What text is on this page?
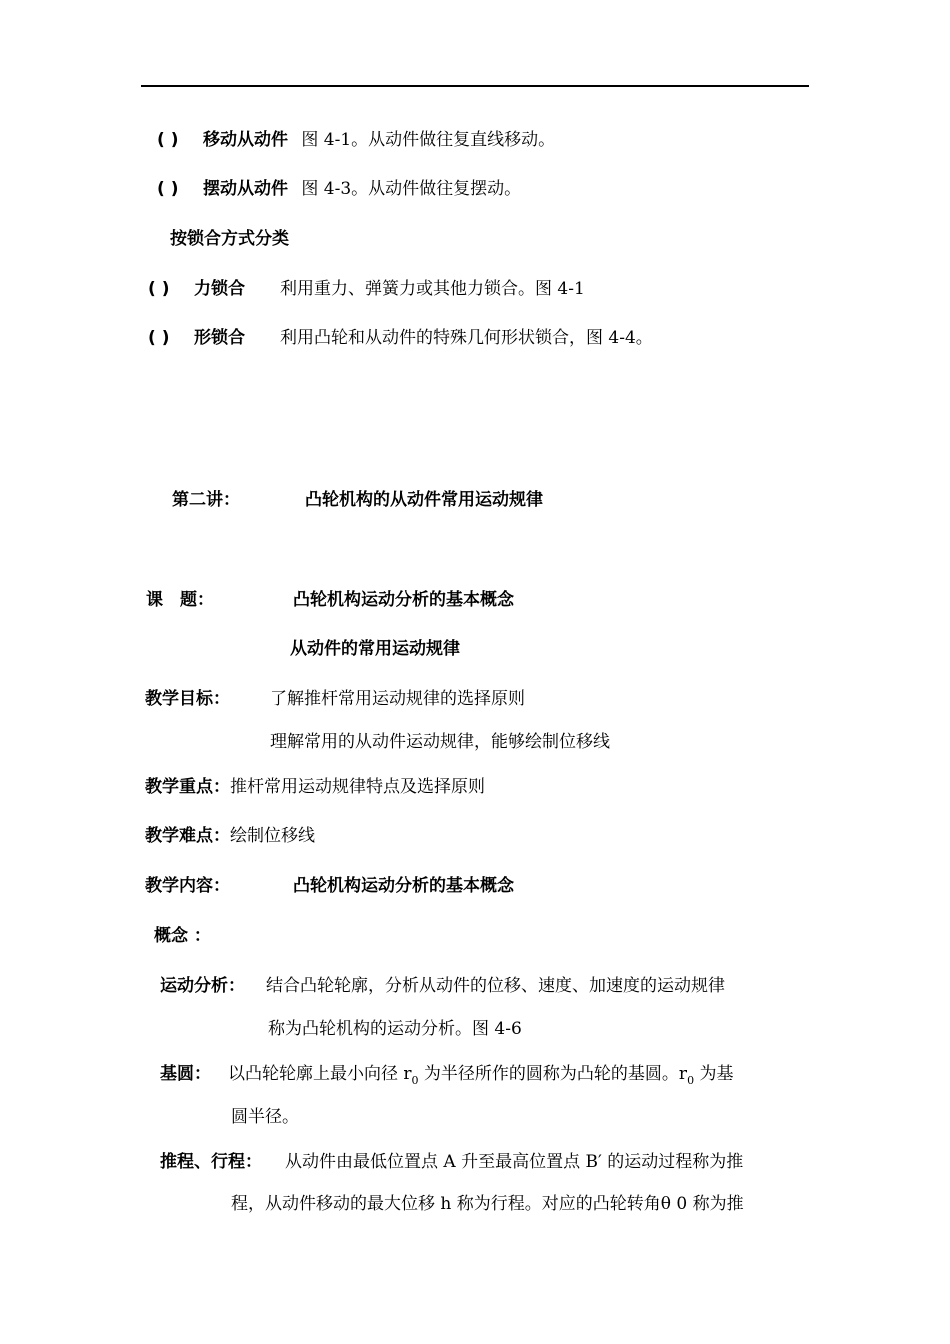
( ) 移动从动件 图 4-1。从动件做往复直线移动。
( ) 摆动从动件 图 4-3。从动件做往复摆动。
按锁合方式分类
( ) 力锁合 利用重力、弹簧力或其他力锁合。图 4-1
( ) 形锁合 利用凸轮和从动件的特殊几何形状锁合，图 4-4。
第二讲：	凸轮机构的从动件常用运动规律
课　题：	凸轮机构运动分析的基本概念
从动件的常用运动规律
教学目标： 了解推杆常用运动规律的选择原则
理解常用的从动件运动规律，能够绘制位移线
教学重点：推杆常用运动规律特点及选择原则
教学难点：绘制位移线
教学内容：	凸轮机构运动分析的基本概念
概念 ：
运动分析： 结合凸轮轮廓，分析从动件的位移、速度、加速度的运动规律
称为凸轮机构的运动分析。图 4-6
基圆： 以凸轮轮廓上最小向径 $r_0$ 为半径所作的圆称为凸轮的基圆。$r_0$ 为基
圆半径。
推程、行程： 从动件由最低位置点 A 升至最高位置点 B′ 的运动过程称为推
程，从动件移动的最大位移 h 称为行程。对应的凸轮转角θ 0 称为推
